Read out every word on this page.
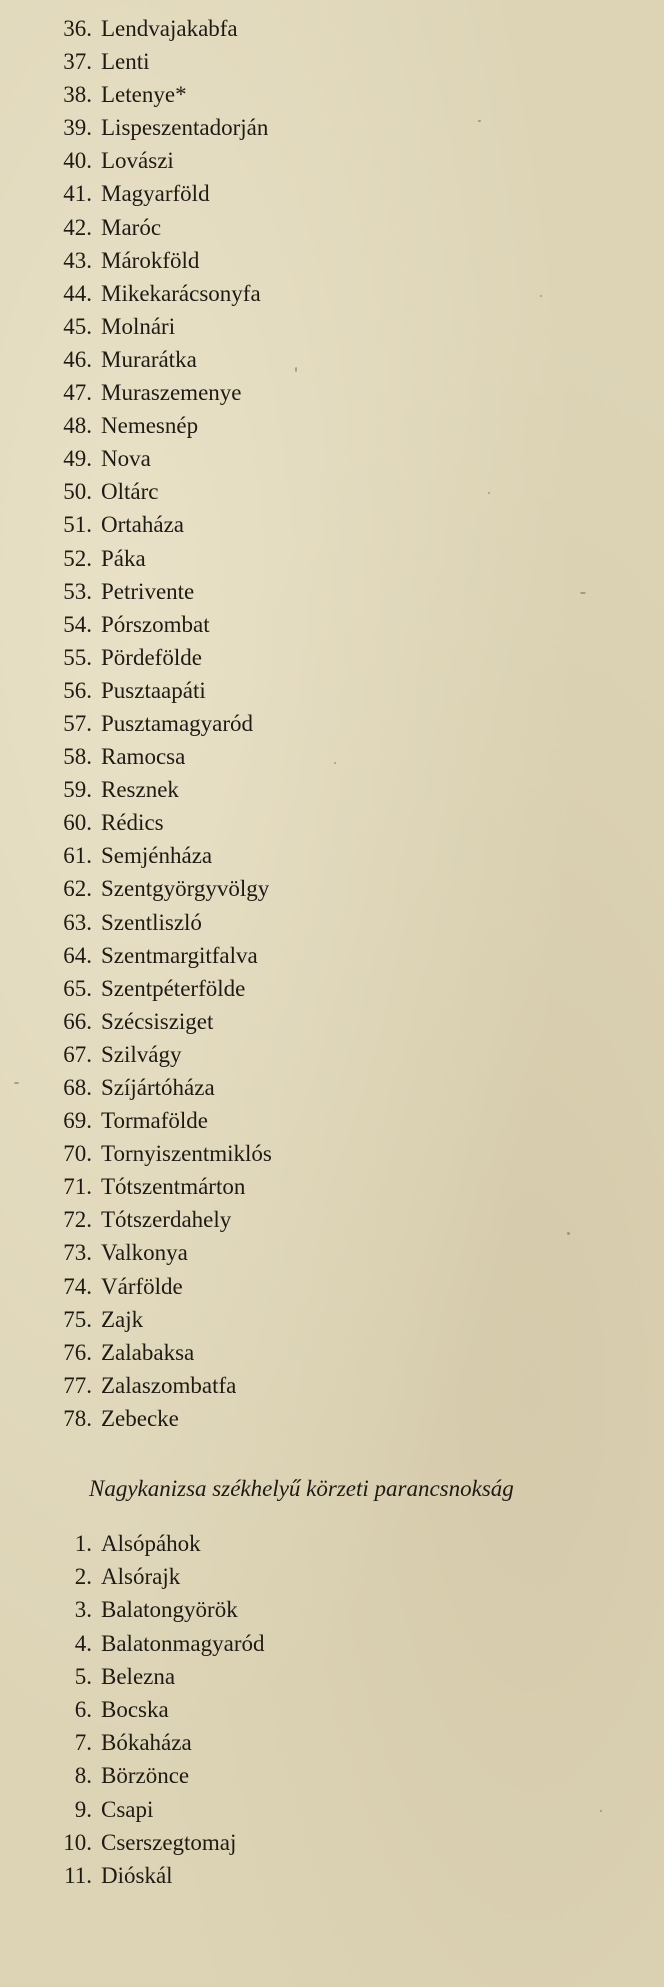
36. Lendvajakabfa
37. Lenti
38. Letenye*
39. Lispeszentadorján
40. Lovászi
41. Magyarföld
42. Maróc
43. Márokföld
44. Mikekarácsonyfa
45. Molnári
46. Murarátka
47. Muraszemenye
48. Nemesnép
49. Nova
50. Oltárc
51. Ortaháza
52. Páka
53. Petrivente
54. Pórszombat
55. Pördefölde
56. Pusztaapáti
57. Pusztamagyaród
58. Ramocsa
59. Resznek
60. Rédics
61. Semjénháza
62. Szentgyörgyvölgy
63. Szentliszló
64. Szentmargitfalva
65. Szentpéterfölde
66. Szécsisziget
67. Szilvágy
68. Szíjártóháza
69. Tormafölde
70. Tornyiszentmiklós
71. Tótszentmárton
72. Tótszerdahely
73. Valkonya
74. Várfölde
75. Zajk
76. Zalabaksa
77. Zalaszombatfa
78. Zebecke
Nagykanizsa székhelyű körzeti parancsnokság
1. Alsópáhok
2. Alsórajk
3. Balatongyörök
4. Balatonmagyaród
5. Belezna
6. Bocska
7. Bókaháza
8. Börzönce
9. Csapi
10. Cserszegtomaj
11. Dióskál
